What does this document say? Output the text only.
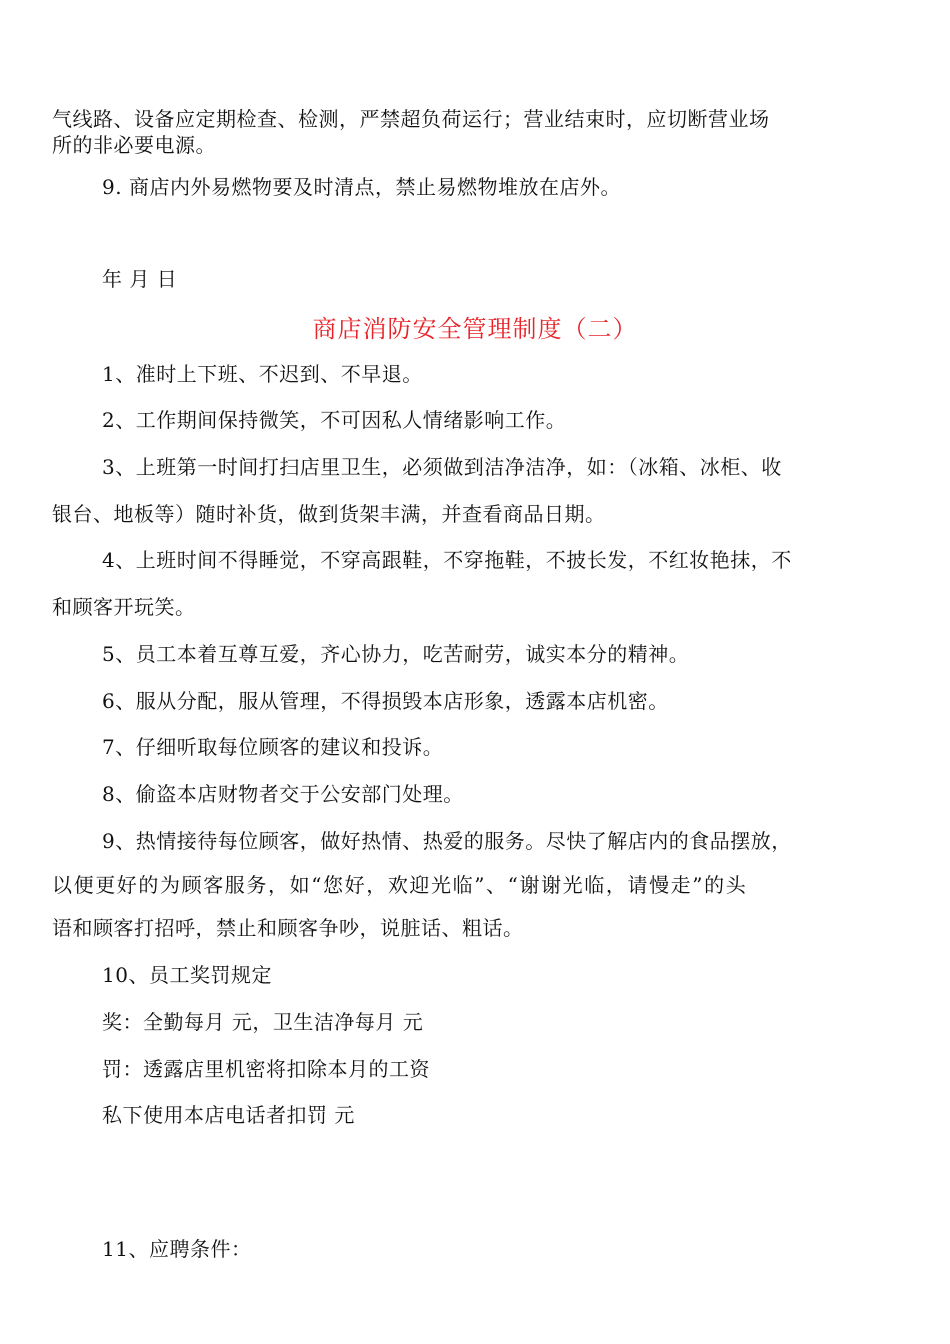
气线路、设备应定期检查、检测，严禁超负荷运行；营业结束时，应切断营业场
所的非必要电源。
9. 商店内外易燃物要及时清点，禁止易燃物堆放在店外。
年 月 日
商店消防安全管理制度（二）
1、准时上下班、不迟到、不早退。
2、工作期间保持微笑，不可因私人情绪影响工作。
3、上班第一时间打扫店里卫生，必须做到洁净洁净，如：（冰箱、冰柜、收
银台、地板等）随时补货，做到货架丰满，并查看商品日期。
4、上班时间不得睡觉，不穿高跟鞋，不穿拖鞋，不披长发，不红妆艳抹，不
和顾客开玩笑。
5、员工本着互尊互爱，齐心协力，吃苦耐劳，诚实本分的精神。
6、服从分配，服从管理，不得损毁本店形象，透露本店机密。
7、仔细听取每位顾客的建议和投诉。
8、偷盗本店财物者交于公安部门处理。
9、热情接待每位顾客，做好热情、热爱的服务。尽快了解店内的食品摆放，
以便更好的为顾客服务，如“您好，欢迎光临”、“谢谢光临，请慢走”的头
语和顾客打招呼，禁止和顾客争吵，说脏话、粗话。
10、员工奖罚规定
奖：全勤每月 元，卫生洁净每月 元
罚：透露店里机密将扣除本月的工资
私下使用本店电话者扣罚 元
11、应聘条件：
